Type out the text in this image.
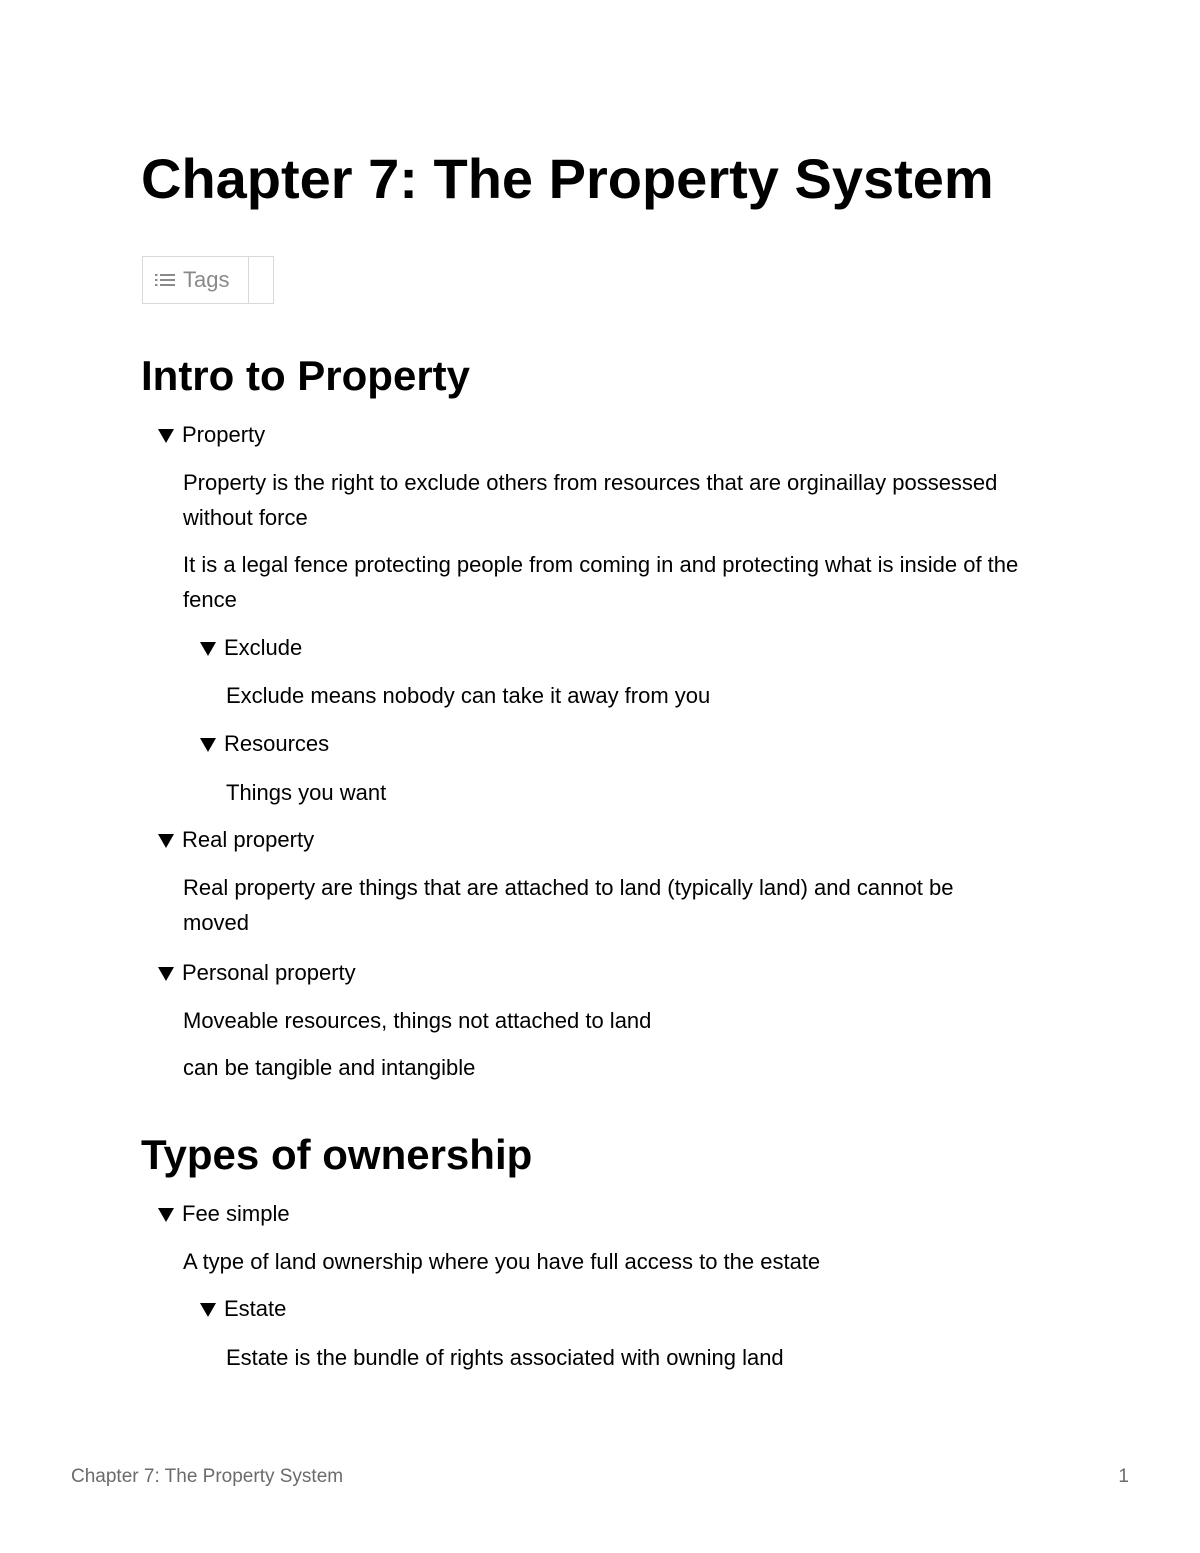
Chapter 7: The Property System
Tags
Intro to Property
Property

Property is the right to exclude others from resources that are orginaillay possessed without force

It is a legal fence protecting people from coming in and protecting what is inside of the fence

Exclude

Exclude means nobody can take it away from you

Resources

Things you want

Real property

Real property are things that are attached to land (typically land) and cannot be moved

Personal property

Moveable resources, things not attached to land

can be tangible and intangible

Types of ownership
Fee simple

A type of land ownership where you have full access to the estate

Estate

Estate is the bundle of rights associated with owning land

Chapter 7: The Property System	1
